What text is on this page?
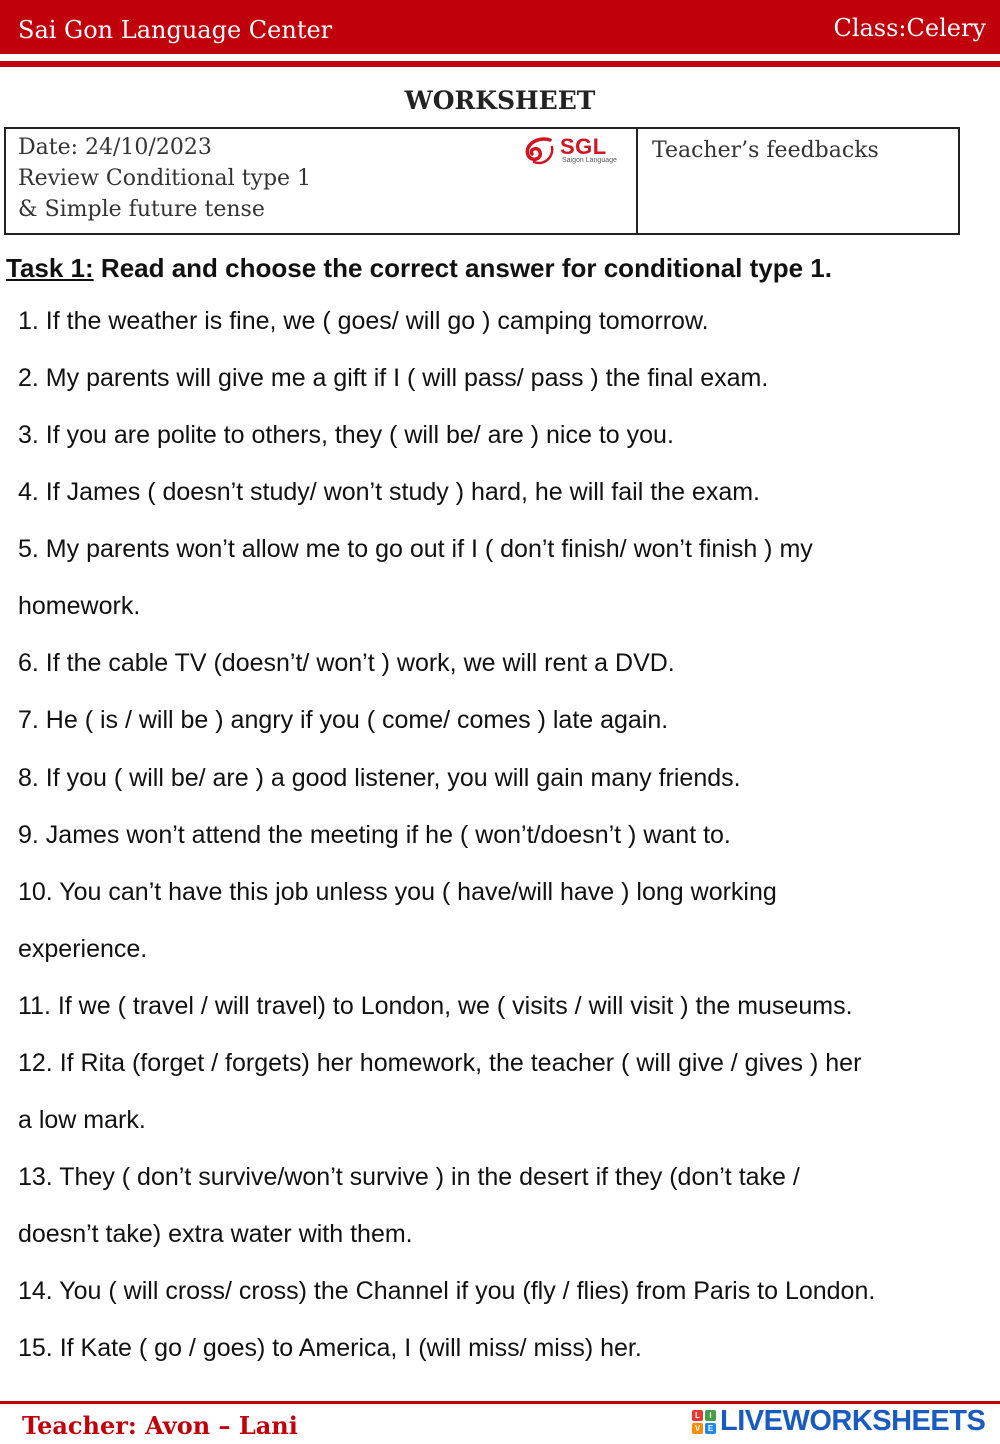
Sai Gon Language Center	Class:Celery
WORKSHEET
Date: 24/10/2023
Review Conditional type 1
& Simple future tense
SGL
Saigon Language Teacher’s feedbacks
Task 1: Read and choose the correct answer for conditional type 1.
1. If the weather is fine, we ( goes/ will go ) camping tomorrow.
2. My parents will give me a gift if I ( will pass/ pass ) the final exam.
3. If you are polite to others, they ( will be/ are ) nice to you.
4. If James ( doesn’t study/ won’t study ) hard, he will fail the exam.
5. My parents won’t allow me to go out if I ( don’t finish/ won’t finish ) my
homework.
6. If the cable TV (doesn’t/ won’t ) work, we will rent a DVD.
7. He ( is / will be ) angry if you ( come/ comes ) late again.
8. If you ( will be/ are ) a good listener, you will gain many friends.
9. James won’t attend the meeting if he ( won’t/doesn’t ) want to.
10. You can’t have this job unless you ( have/will have ) long working
experience.
11. If we ( travel / will travel) to London, we ( visits / will visit ) the museums.
12. If Rita (forget / forgets) her homework, the teacher ( will give / gives ) her
a low mark.
13. They ( don’t survive/won’t survive ) in the desert if they (don’t take /
doesn’t take) extra water with them.
14. You ( will cross/ cross) the Channel if you (fly / flies) from Paris to London.
15. If Kate ( go / goes) to America, I (will miss/ miss) her.
Teacher: Avon – Lani	L	I
V E LIVEWORKSHEETS
